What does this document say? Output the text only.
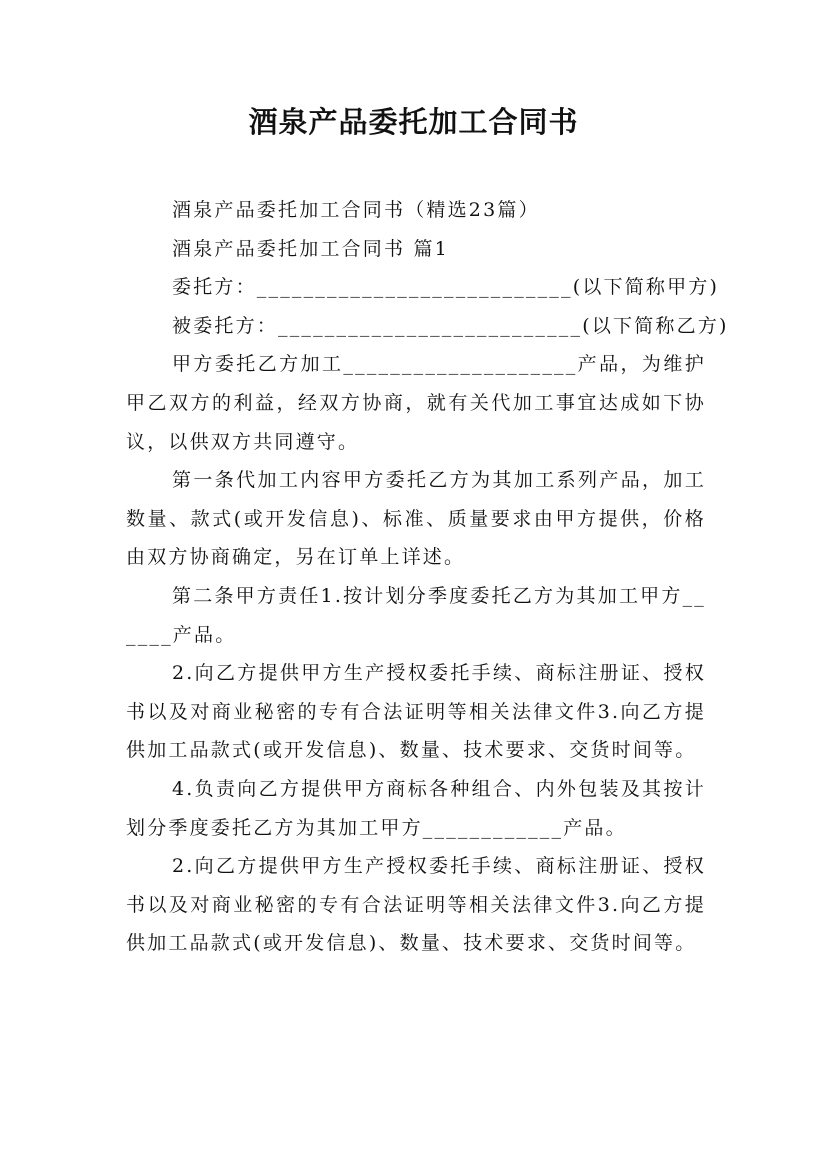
酒泉产品委托加工合同书

酒泉产品委托加工合同书（精选23篇）

酒泉产品委托加工合同书 篇1

委托方：___________________________(以下简称甲方)

被委托方：__________________________(以下简称乙方)

甲方委托乙方加工____________________产品，为维护甲乙双方的利益，经双方协商，就有关代加工事宜达成如下协议，以供双方共同遵守。

第一条代加工内容甲方委托乙方为其加工系列产品，加工数量、款式(或开发信息)、标准、质量要求由甲方提供，价格由双方协商确定，另在订单上详述。

第二条甲方责任1.按计划分季度委托乙方为其加工甲方______产品。

2.向乙方提供甲方生产授权委托手续、商标注册证、授权书以及对商业秘密的专有合法证明等相关法律文件3.向乙方提供加工品款式(或开发信息)、数量、技术要求、交货时间等。

4.负责向乙方提供甲方商标各种组合、内外包装及其按计划分季度委托乙方为其加工甲方____________产品。

2.向乙方提供甲方生产授权委托手续、商标注册证、授权书以及对商业秘密的专有合法证明等相关法律文件3.向乙方提供加工品款式(或开发信息)、数量、技术要求、交货时间等。
